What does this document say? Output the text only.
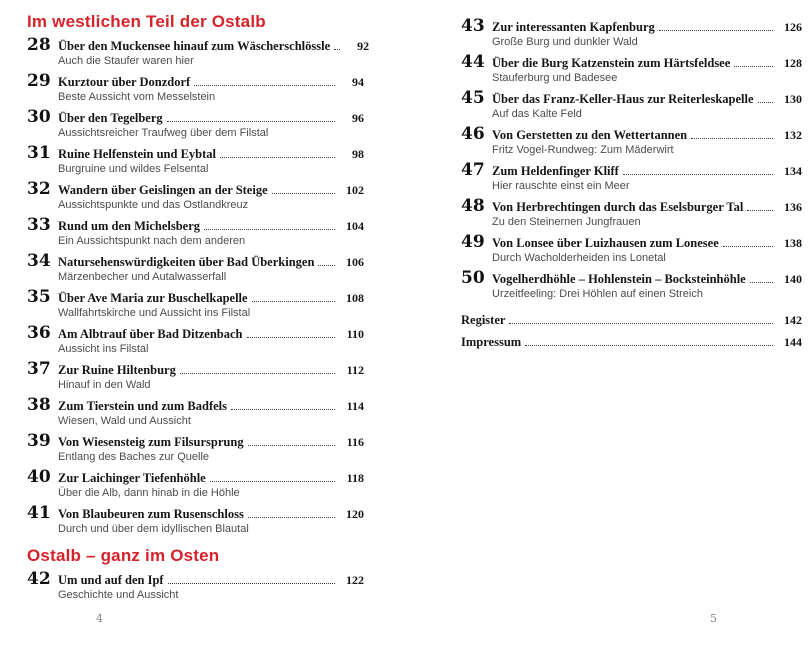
Im westlichen Teil der Ostalb
28 Über den Muckensee hinauf zum Wäscherschlössle	92
Auch die Staufer waren hier
29 Kurztour über Donzdorf	94
Beste Aussicht vom Messelstein
30 Über den Tegelberg	96
Aussichtsreicher Traufweg über dem Filstal
31 Ruine Helfenstein und Eybtal	98
Burgruine und wildes Felsental
32 Wandern über Geislingen an der Steige	102
Aussichtspunkte und das Ostlandkreuz
33 Rund um den Michelsberg	104
Ein Aussichtspunkt nach dem anderen
34 Natursehenswürdigkeiten über Bad Überkingen	106
Märzenbecher und Autalwasserfall
35 Über Ave Maria zur Buschelkapelle	108
Wallfahrtskirche und Aussicht ins Filstal
36 Am Albtrauf über Bad Ditzenbach	110
Aussicht ins Filstal
37 Zur Ruine Hiltenburg	112
Hinauf in den Wald
38 Zum Tierstein und zum Badfels	114
Wiesen, Wald und Aussicht
39 Von Wiesensteig zum Filsursprung	116
Entlang des Baches zur Quelle
40 Zur Laichinger Tiefenhöhle	118
Über die Alb, dann hinab in die Höhle
41 Von Blaubeuren zum Rusenschloss	120
Durch und über dem idyllischen Blautal
Ostalb – ganz im Osten
42 Um und auf den Ipf	122
Geschichte und Aussicht
43 Zur interessanten Kapfenburg	126
Große Burg und dunkler Wald
44 Über die Burg Katzenstein zum Härtsfeldsee	128
Stauferburg und Badesee
45 Über das Franz-Keller-Haus zur Reiterleskapelle	130
Auf das Kalte Feld
46 Von Gerstetten zu den Wettertannen	132
Fritz Vogel-Rundweg: Zum Mäderwirt
47 Zum Heldenfinger Kliff	134
Hier rauschte einst ein Meer
48 Von Herbrechtingen durch das Eselsburger Tal	136
Zu den Steinernen Jungfrauen
49 Von Lonsee über Luizhausen zum Lonesee	138
Durch Wacholderheiden ins Lonetal
50 Vogelherdhöhle – Hohlenstein – Bocksteinhöhle	140
Urzeitfeeling: Drei Höhlen auf einen Streich
Register	142
Impressum	144
4	5
